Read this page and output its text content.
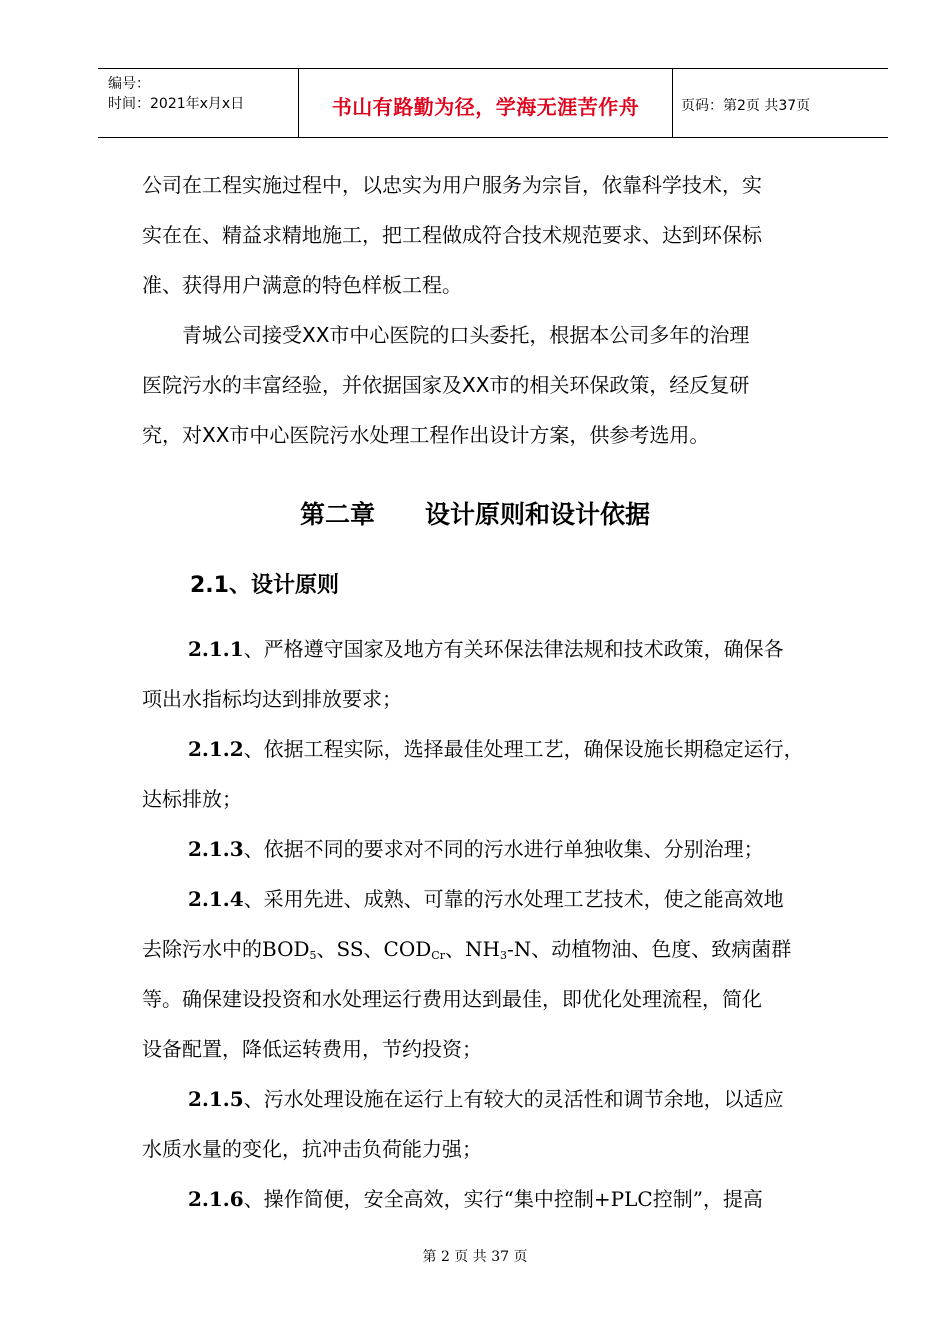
编号：
时间：2021年x月x日	书山有路勤为径，学海无涯苦作舟	页码：第2页 共37页
公司在工程实施过程中，以忠实为用户服务为宗旨，依靠科学技术，实
实在在、精益求精地施工，把工程做成符合技术规范要求、达到环保标
准、获得用户满意的特色样板工程。
青城公司接受XX市中心医院的口头委托，根据本公司多年的治理
医院污水的丰富经验，并依据国家及XX市的相关环保政策，经反复研
究，对XX市中心医院污水处理工程作出设计方案，供参考选用。
第二章　　设计原则和设计依据
2.1、设计原则
2.1.1、严格遵守国家及地方有关环保法律法规和技术政策，确保各
项出水指标均达到排放要求；
2.1.2、依据工程实际，选择最佳处理工艺，确保设施长期稳定运行，
达标排放；
2.1.3、依据不同的要求对不同的污水进行单独收集、分别治理；
2.1.4、采用先进、成熟、可靠的污水处理工艺技术，使之能高效地
去除污水中的$BOD_5$、SS、$COD_{Cr}$、$NH_3-N$、动植物油、色度、致病菌群
等。确保建设投资和水处理运行费用达到最佳，即优化处理流程，简化
设备配置，降低运转费用，节约投资；
2.1.5、污水处理设施在运行上有较大的灵活性和调节余地，以适应
水质水量的变化，抗冲击负荷能力强；
2.1.6、操作简便，安全高效，实行“集中控制+PLC控制”，提高
第 2 页 共 37 页
